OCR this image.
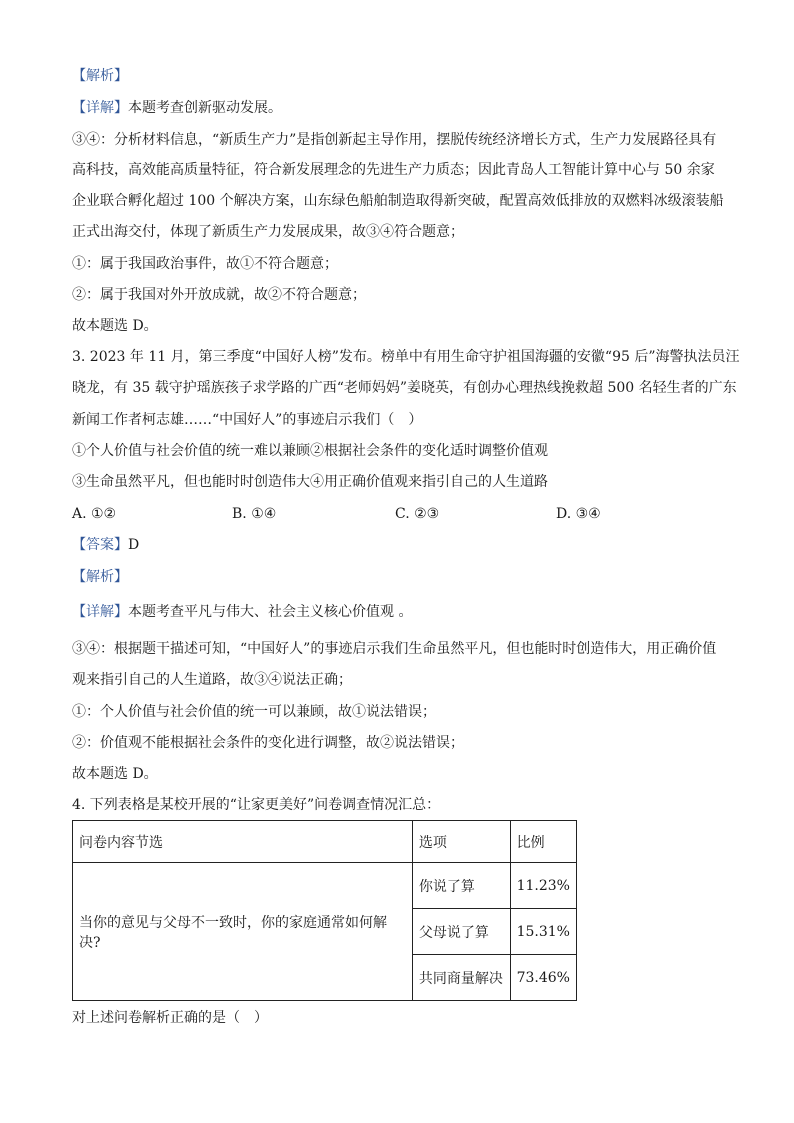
【解析】
【详解】本题考查创新驱动发展。
③④：分析材料信息，“新质生产力”是指创新起主导作用，摆脱传统经济增长方式，生产力发展路径具有
高科技，高效能高质量特征，符合新发展理念的先进生产力质态；因此青岛人工智能计算中心与 50 余家
企业联合孵化超过 100 个解决方案，山东绿色船舶制造取得新突破，配置高效低排放的双燃料冰级滚装船
正式出海交付，体现了新质生产力发展成果，故③④符合题意；
①：属于我国政治事件，故①不符合题意；
②：属于我国对外开放成就，故②不符合题意；
故本题选 D。
3. 2023 年 11 月，第三季度“中国好人榜”发布。榜单中有用生命守护祖国海疆的安徽“95 后”海警执法员汪
晓龙，有 35 载守护瑶族孩子求学路的广西“老师妈妈”姜晓英，有创办心理热线挽救超 500 名轻生者的广东
新闻工作者柯志雄……“中国好人”的事迹启示我们（　）
①个人价值与社会价值的统一难以兼顾②根据社会条件的变化适时调整价值观
③生命虽然平凡，但也能时时创造伟大④用正确价值观来指引自己的人生道路
A. ①②	B. ①④	C. ②③	D. ③④
【答案】D
【解析】
【详解】本题考查平凡与伟大、社会主义核心价值观 。
③④：根据题干描述可知，“中国好人”的事迹启示我们生命虽然平凡，但也能时时创造伟大，用正确价值
观来指引自己的人生道路，故③④说法正确；
①：个人价值与社会价值的统一可以兼顾，故①说法错误；
②：价值观不能根据社会条件的变化进行调整，故②说法错误；
故本题选 D。
4. 下列表格是某校开展的“让家更美好”问卷调查情况汇总：
问卷内容节选	选项	比例
当你的意见与父母不一致时，你的家庭通常如何解决?	你说了算	11.23%
	父母说了算	15.31%
	共同商量解决	73.46%
对上述问卷解析正确的是（　）
